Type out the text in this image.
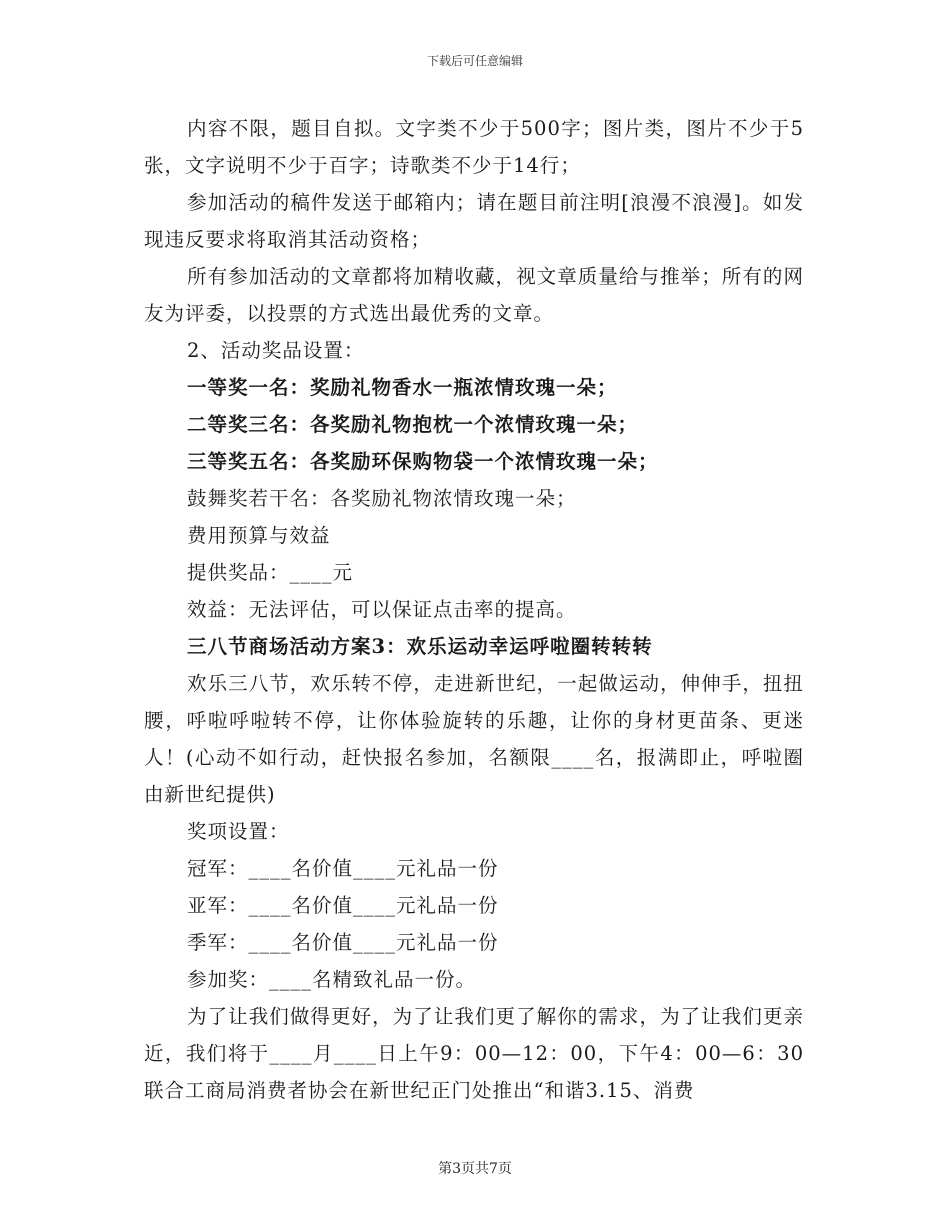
下载后可任意编辑

内容不限，题目自拟。文字类不少于500字；图片类，图片不少于5张，文字说明不少于百字；诗歌类不少于14行；

参加活动的稿件发送于邮箱内；请在题目前注明[浪漫不浪漫]。如发现违反要求将取消其活动资格；

所有参加活动的文章都将加精收藏，视文章质量给与推举；所有的网友为评委，以投票的方式选出最优秀的文章。

2、活动奖品设置：

一等奖一名：奖励礼物香水一瓶浓情玫瑰一朵；

二等奖三名：各奖励礼物抱枕一个浓情玫瑰一朵；

三等奖五名：各奖励环保购物袋一个浓情玫瑰一朵；

鼓舞奖若干名：各奖励礼物浓情玫瑰一朵；

费用预算与效益

提供奖品：____元

效益：无法评估，可以保证点击率的提高。

三八节商场活动方案3：欢乐运动幸运呼啦圈转转转

欢乐三八节，欢乐转不停，走进新世纪，一起做运动，伸伸手，扭扭腰，呼啦呼啦转不停，让你体验旋转的乐趣，让你的身材更苗条、更迷人！(心动不如行动，赶快报名参加，名额限____名，报满即止，呼啦圈由新世纪提供)

奖项设置：

冠军：____名价值____元礼品一份

亚军：____名价值____元礼品一份

季军：____名价值____元礼品一份

参加奖：____名精致礼品一份。

为了让我们做得更好，为了让我们更了解你的需求，为了让我们更亲近，我们将于____月____日上午9：00—12：00，下午4：00—6：30联合工商局消费者协会在新世纪正门处推出“和谐3.15、消费

第3页共7页
